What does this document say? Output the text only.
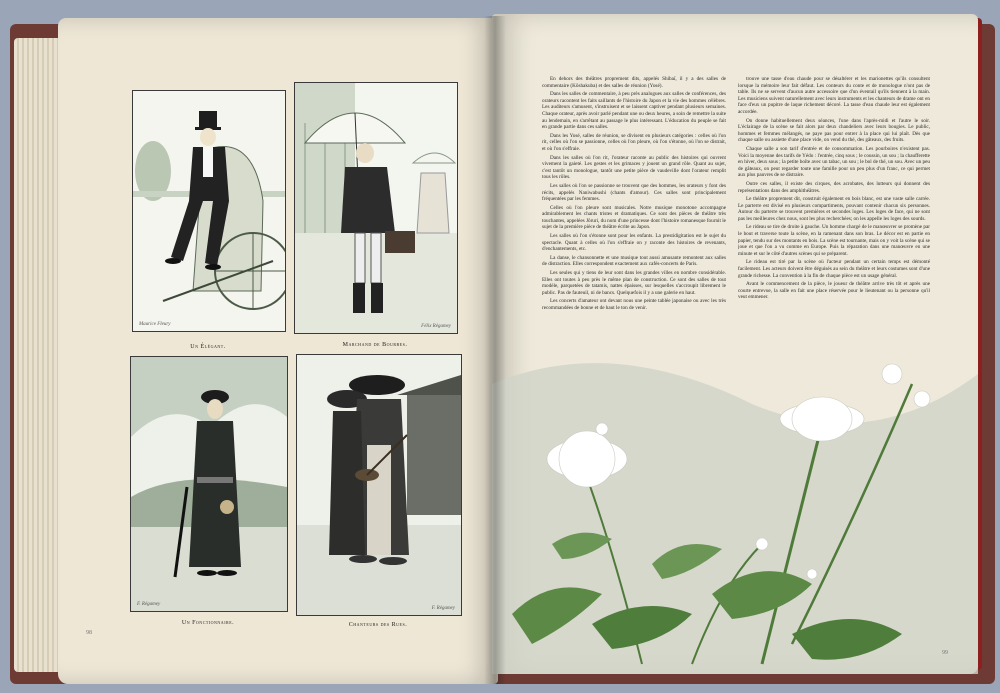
Maurice Fleury
Un Élégant.
Félix Régamey
Marchand de Bourbes.
F. Régamey
Un Fonctionnaire.
F. Régamey
Chanteurs des Rues.
98

En dehors des théâtres proprement dits, appelés Shibaï, il y a des salles de commentaire (Kôshakuba) et des salles de réunion (Yosé).

Dans les salles de commentaire, à peu près analogues aux salles de conférences, des orateurs racontent les faits saillants de l'histoire du Japon et la vie des hommes célèbres. Les auditeurs s'amusent, s'instruisent et se laissent captiver pendant plusieurs semaines. Chaque orateur, après avoir parlé pendant une ou deux heures, a soin de remettre la suite au lendemain, en s'arrêtant au passage le plus intéressant. L'éducation du peuple se fait en grande partie dans ces salles.

Dans les Yosé, salles de réunion, se divisent en plusieurs catégories : celles où l'on rit, celles où l'on se passionne, celles où l'on pleure, où l'on s'étonne, où l'on se distrait, et où l'on s'effraie.

Dans les salles où l'on rit, l'orateur raconte au public des histoires qui ouvrent vivement la gaieté. Les gestes et les grimaces y jouent un grand rôle. Quant au sujet, c'est tantôt un monologue, tantôt une petite pièce de vaudeville dont l'orateur remplit tous les rôles.

Les salles où l'on se passionne se trouvent que des hommes, les orateurs y font des récits, appelés Naniwabushi (chants d'amour). Ces salles sont principalement fréquentées par les femmes.

Celles où l'on pleure sont musicales. Notre musique monotone accompagne admirablement les chants tristes et dramatiques. Ce sont des pièces de théâtre très touchantes, appelées Jôruri, du nom d'une princesse dont l'histoire romanesque fournit le sujet de la première pièce de théâtre écrite au Japon.

Les salles où l'on s'étonne sont pour les enfants. La prestidigitation est le sujet du spectacle. Quant à celles où l'on s'effraie on y raconte des histoires de revenants, d'enchantements, etc.

La danse, le chansonnette et une musique tout aussi amusante remontent aux salles de distraction. Elles correspondent exactement aux cafés-concerts de Paris.

Les seules qui y tiens de leur sont dans les grandes villes en nombre considérable. Elles ont toutes à peu près le même plan de construction. Ce sont des salles de tout modèle, parquetées de tatamis, nattes épaisses, sur lesquelles s'accroupit librement le public. Pas de fauteuil, ni de bancs. Quelquefois il y a une galerie en haut.

Les concerts d'amateur ont devant nous une peinte tablée japonaise ou avec les très recommandées de bonne et de haut le ton de venir.

trouve une tasse d'eau chaude pour se désaltérer et les marionettes qu'ils consultent lorsque la mémoire leur fait défaut. Les conteurs du conte et de monologue n'ont pas de table. Ils ne se servent d'aucun autre accessoire que d'un éventail qu'ils tiennent à la main. Les musiciens suivent naturellement avec leurs instruments et les chanteurs de drame ont en face d'eux un pupitre de laque richement décoré. La tasse d'eau chaude leur est également accordée.

On donne habituellement deux séances, l'une dans l'après-midi et l'autre le soir. L'éclairage de la scène se fait alors par deux chandeliers avec leurs bougies. Le public, hommes et femmes mélangés, ne paye pas pour entrer à la place qui lui plaît. Dès que chaque salle ou assiette d'une place vide, on vend du thé, des gâteaux, des fruits.

Chaque salle a son tarif d'entrée et de consommation. Les pourboires n'existent pas. Voici la moyenne des tarifs de Yédo : l'entrée, cinq sous ; le coussin, un sou ; la chaufferette en hiver, deux sous ; la petite boîte avec un tabac, un sou ; le bol de thé, un sou. Avec un peu de gâteaux, on peut regarder toute une famille pour un peu plus d'un franc, ce qui permet aux plus pauvres de se distraire.

Outre ces salles, il existe des cirques, des acrobates, des lutteurs qui donnent des représentations dans des amphithéâtres.

Le théâtre proprement dit, construit également en bois blanc, est une vaste salle carrée. Le parterre est divisé en plusieurs compartiments, pouvant contenir chacun six personnes. Autour du parterre se trouvent premières et secondes loges. Les loges de face, qui ne sont pas les meilleures chez nous, sont les plus recherchées; on les appelle les loges des sourds.

Le rideau se tire de droite à gauche. Un homme chargé de le manœuvrer se promène par le bout et traverse toute la scène, en la ramenant dans son bras. Le décor est en partie en papier, tendu sur des montants en bois. La scène est tournante, mais on y voit la scène qui se joue et que l'on a vu comme en Europe. Puis la réparation dans une manœuvre en une minute et sur le côté d'autres scènes qui se préparent.

Le rideau est tiré par la scène où l'acteur pendant un certain temps est démonté facilement. Les acteurs doivent être déguisés au sein du théâtre et leurs costumes sont d'une grande richesse. La convention à la fin de chaque pièce est un usage général.

Avant le commencement de la pièce, le joueur de théâtre arrive très tôt et après une courte entrevue, la salle en fait une place réservée pour le lieutenant ou la personne qu'il veut emmener.

99
